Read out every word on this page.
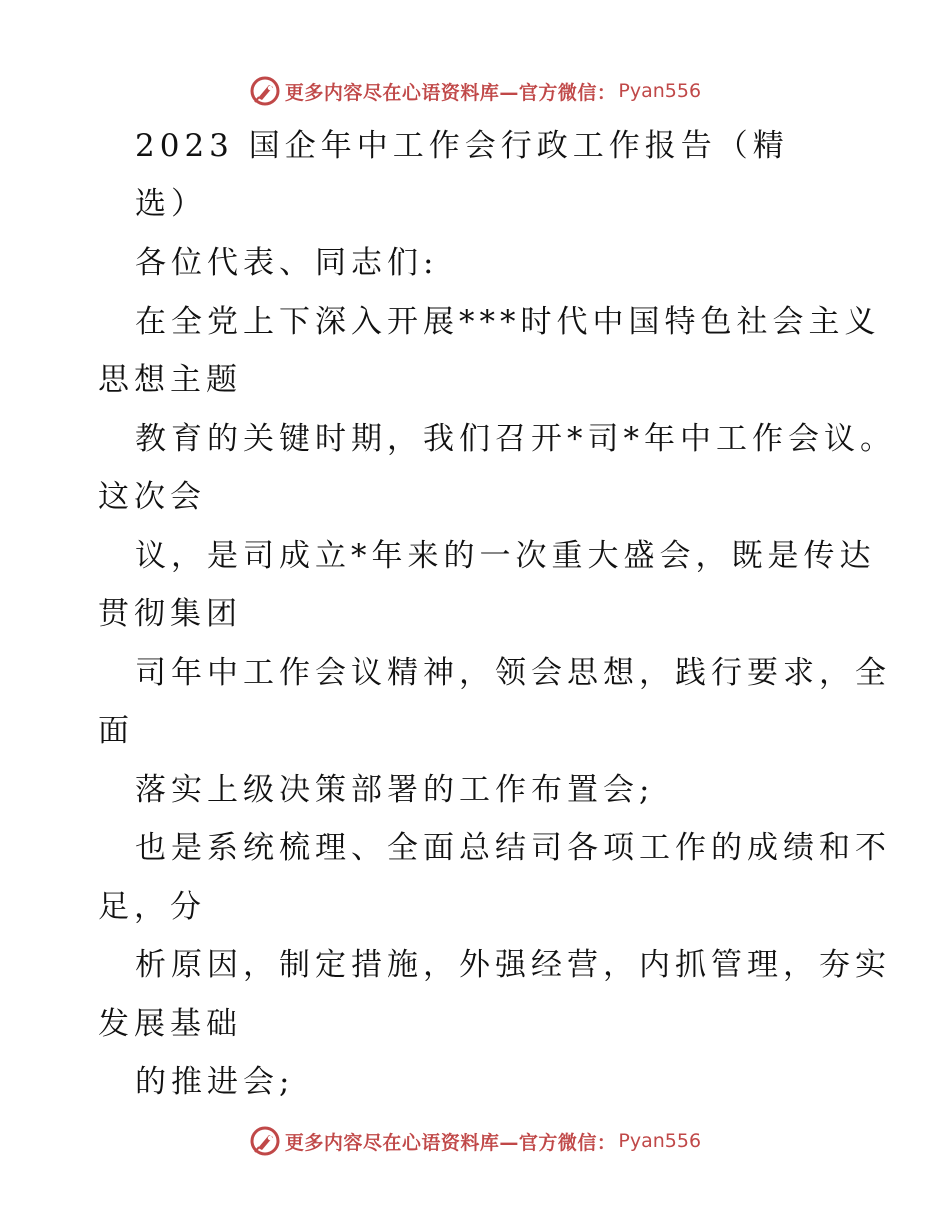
更多内容尽在心语资料库—官方微信： Pyan556
2023 国企年中工作会行政工作报告（精
选）
各位代表、同志们:
在全党上下深入开展***时代中国特色社会主义
思想主题
教育的关键时期，我们召开*司*年中工作会议。
这次会
议，是司成立*年来的一次重大盛会，既是传达
贯彻集团
司年中工作会议精神，领会思想，践行要求，全
面
落实上级决策部署的工作布置会;
也是系统梳理、全面总结司各项工作的成绩和不
足，分
析原因，制定措施，外强经营，内抓管理，夯实
发展基础
的推进会;
更多内容尽在心语资料库—官方微信： Pyan556
